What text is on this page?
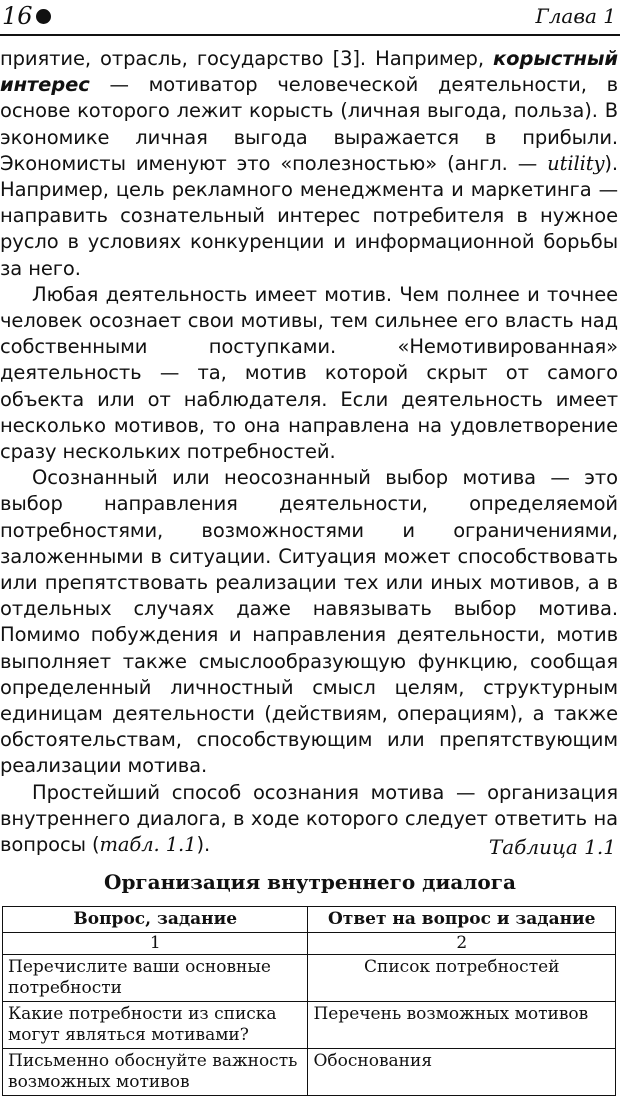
16	Глава 1

приятие, отрасль, государство [3]. Например, корыстный интерес — мотиватор человеческой деятельности, в основе которого лежит корысть (личная выгода, польза). В экономике личная выгода выражается в прибыли. Экономисты именуют это «полезностью» (англ. — utility). Например, цель рекламного менеджмента и маркетинга — направить сознательный интерес потребителя в нужное русло в условиях конкуренции и информационной борьбы за него.

Любая деятельность имеет мотив. Чем полнее и точнее человек осознает свои мотивы, тем сильнее его власть над собственными поступками. «Немотивированная» деятельность — та, мотив которой скрыт от самого объекта или от наблюдателя. Если деятельность имеет несколько мотивов, то она направлена на удовлетворение сразу нескольких потребностей.

Осознанный или неосознанный выбор мотива — это выбор направления деятельности, определяемой потребностями, возможностями и ограничениями, заложенными в ситуации. Ситуация может способствовать или препятствовать реализации тех или иных мотивов, а в отдельных случаях даже навязывать выбор мотива. Помимо побуждения и направления деятельности, мотив выполняет также смыслообразующую функцию, сообщая определенный личностный смысл целям, структурным единицам деятельности (действиям, операциям), а также обстоятельствам, способствующим или препятствующим реализации мотива.

Простейший способ осознания мотива — организация внутреннего диалога, в ходе которого следует ответить на вопросы (табл. 1.1).	Таблица 1.1
Организация внутреннего диалога
Вопрос, задание	Ответ на вопрос и задание
1	2
Перечислите ваши основные потребности	Список потребностей
Какие потребности из списка могут являться мотивами?	Перечень возможных мотивов
Письменно обоснуйте важность возможных мотивов	Обоснования
